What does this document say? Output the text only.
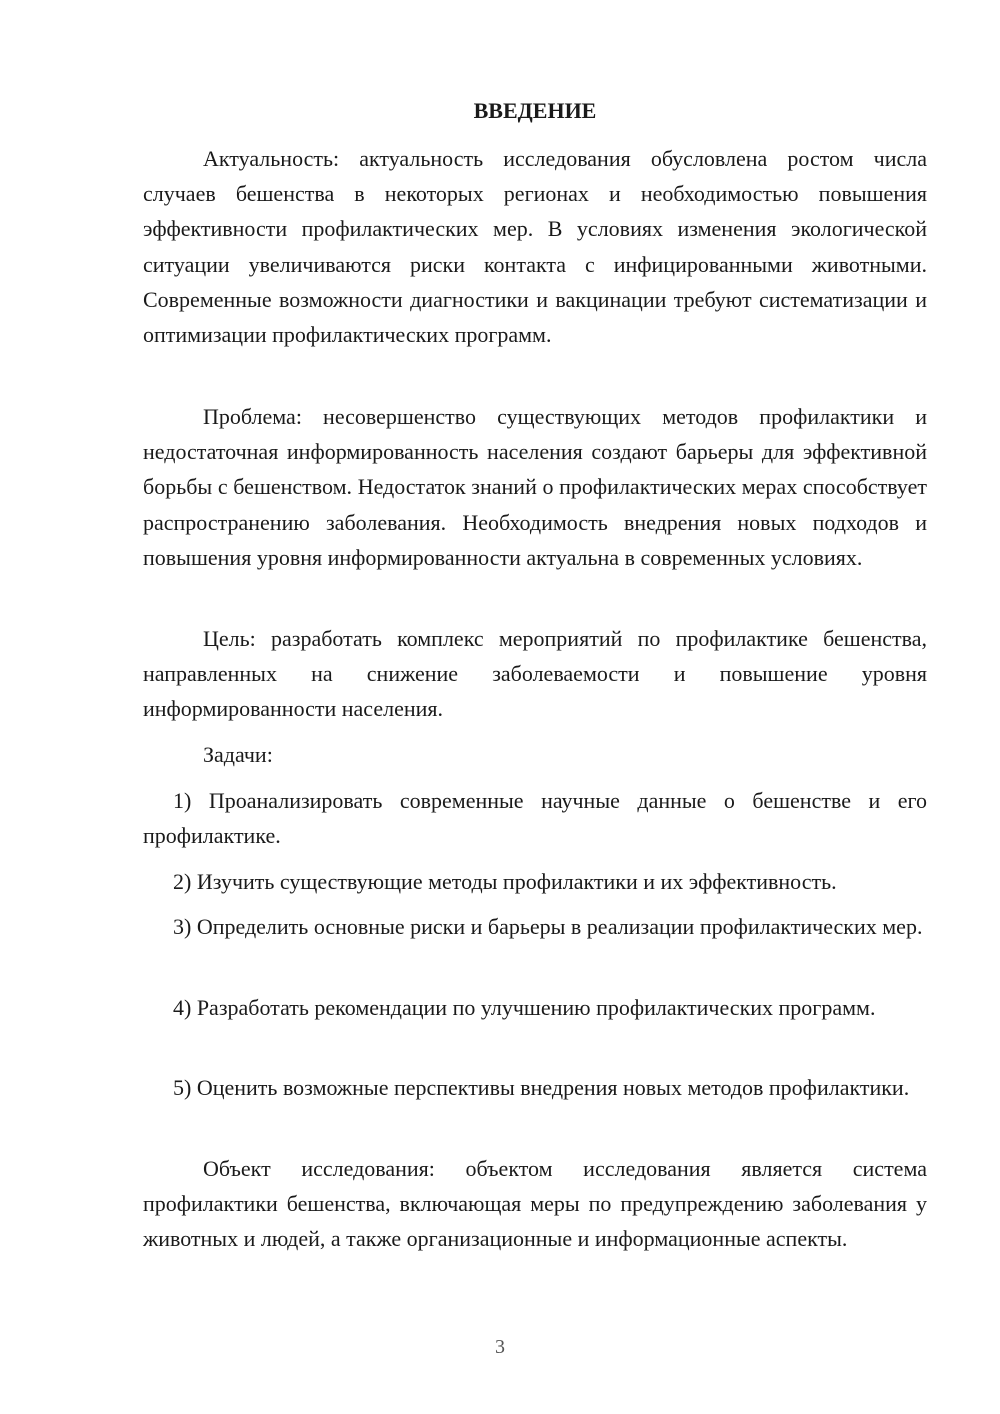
ВВЕДЕНИЕ

Актуальность: актуальность исследования обусловлена ростом числа случаев бешенства в некоторых регионах и необходимостью повышения эффективности профилактических мер. В условиях изменения экологической ситуации увеличиваются риски контакта с инфицированными животными. Современные возможности диагностики и вакцинации требуют систематизации и оптимизации профилактических программ.

Проблема: несовершенство существующих методов профилактики и недостаточная информированность населения создают барьеры для эффективной борьбы с бешенством. Недостаток знаний о профилактических мерах способствует распространению заболевания. Необходимость внедрения новых подходов и повышения уровня информированности актуальна в современных условиях.

Цель: разработать комплекс мероприятий по профилактике бешенства, направленных на снижение заболеваемости и повышение уровня информированности населения.

Задачи:

1) Проанализировать современные научные данные о бешенстве и его профилактике.

2) Изучить существующие методы профилактики и их эффективность.

3) Определить основные риски и барьеры в реализации профилактических мер.

4) Разработать рекомендации по улучшению профилактических программ.

5) Оценить возможные перспективы внедрения новых методов профилактики.

Объект исследования: объектом исследования является система профилактики бешенства, включающая меры по предупреждению заболевания у животных и людей, а также организационные и информационные аспекты.

3
